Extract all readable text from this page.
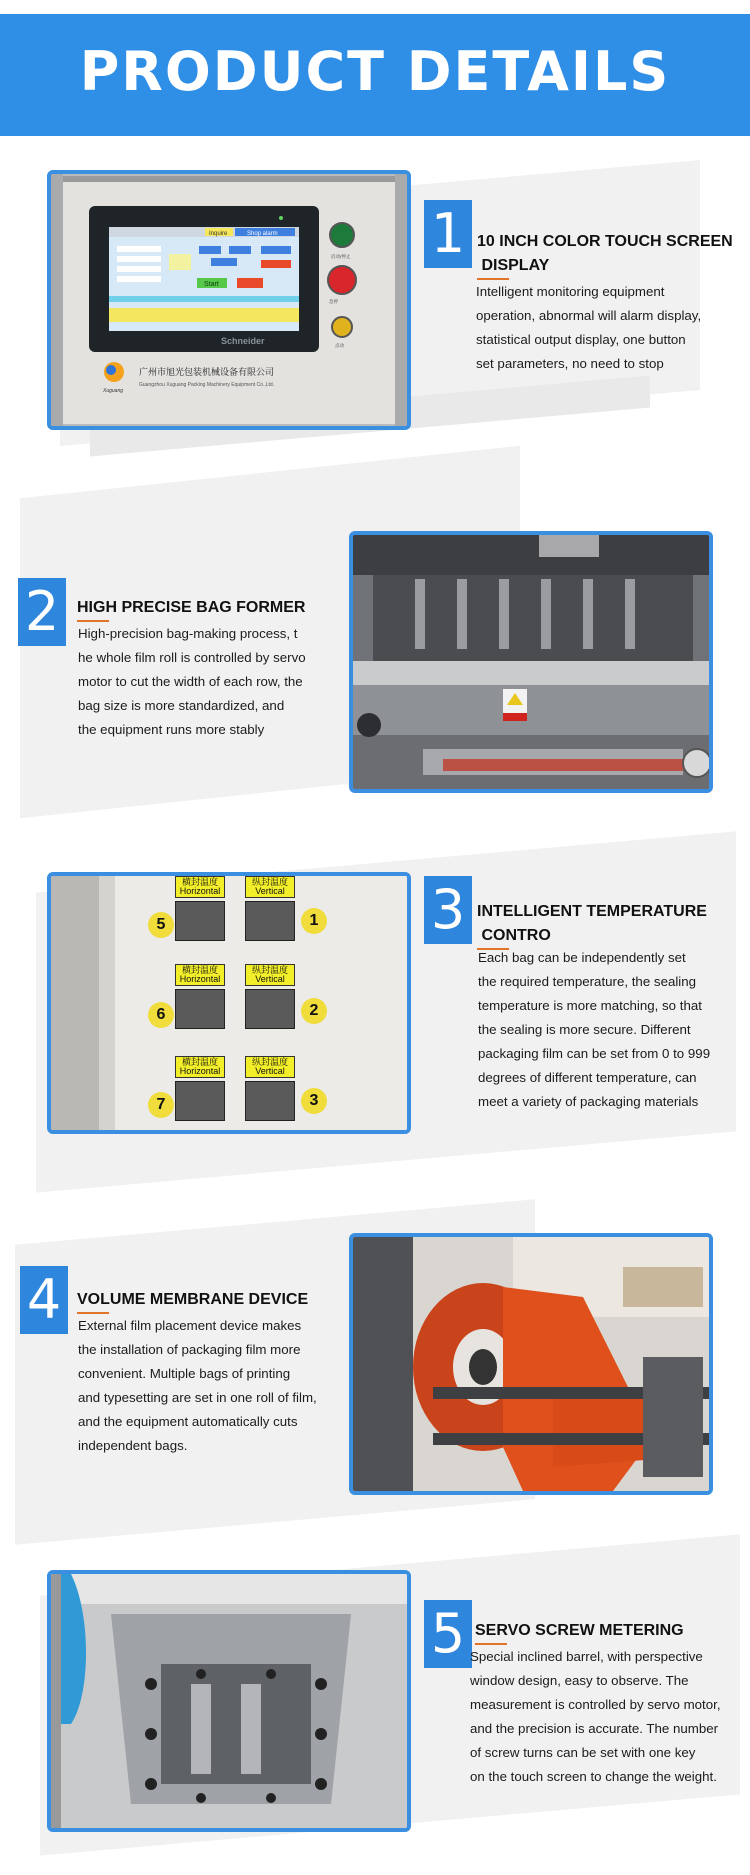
PRODUCT DETAILS
Inquire	Shop alarm
Start
Schneider
启动/停止
急停
点动
Xuguang
广州市旭光包装机械设备有限公司
Guangzhou Xuguang Packing Machinery Equipment Co.,Ltd.
1 10 INCH COLOR TOUCH SCREEN
DISPLAY
Intelligent monitoring equipment
operation, abnormal will alarm display,
statistical output display, one button
set parameters, no need to stop
2	HIGH PRECISE BAG FORMER
High-precision bag-making process, t
he whole film roll is controlled by servo
motor to cut the width of each row, the
bag size is more standardized, and
the equipment runs more stably
横封温度
Horizontal
5
纵封温度
Vertical
1
横封温度
Horizontal
6
纵封温度
Vertical
2
横封温度
Horizontal
7
纵封温度
Vertical
3
3 INTELLIGENT TEMPERATURE
CONTRO
Each bag can be independently set
the required temperature, the sealing
temperature is more matching, so that
the sealing is more secure. Different
packaging film can be set from 0 to 999
degrees of different temperature, can
meet a variety of packaging materials
4 VOLUME MEMBRANE DEVICE
External film placement device makes
the installation of packaging film more
convenient. Multiple bags of printing
and typesetting are set in one roll of film,
and the equipment automatically cuts
independent bags.
5 SERVO SCREW METERING
Special inclined barrel, with perspective
window design, easy to observe. The
measurement is controlled by servo motor,
and the precision is accurate. The number
of screw turns can be set with one key
on the touch screen to change the weight.
